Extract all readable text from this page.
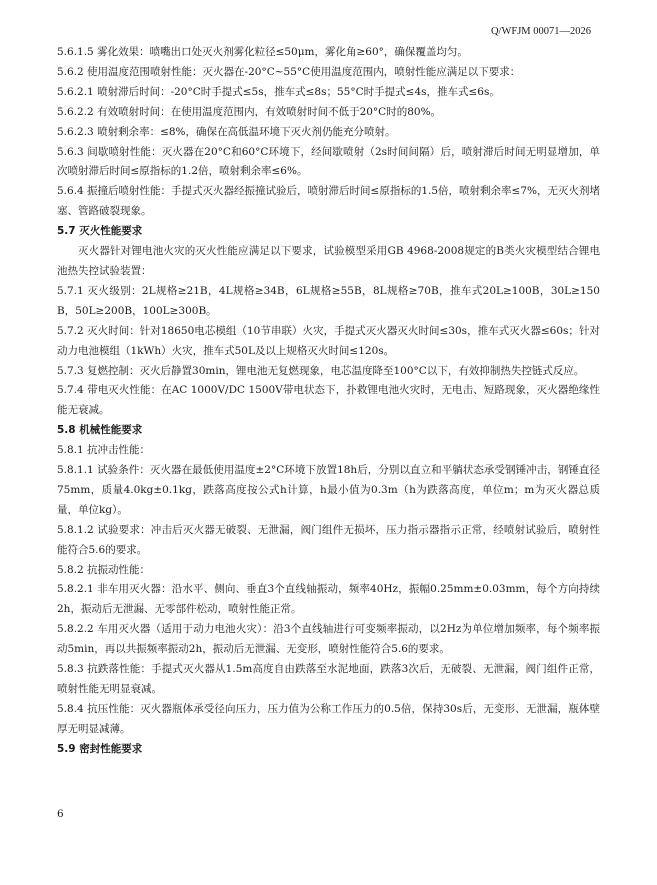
Q/WFJM 00071—2026

5.6.1.5 雾化效果：喷嘴出口处灭火剂雾化粒径≤50μm，雾化角≥60°，确保覆盖均匀。

5.6.2 使用温度范围喷射性能：灭火器在-20°C~55°C使用温度范围内，喷射性能应满足以下要求：

5.6.2.1 喷射滞后时间：-20°C时手提式≤5s，推车式≤8s；55°C时手提式≤4s，推车式≤6s。

5.6.2.2 有效喷射时间：在使用温度范围内，有效喷射时间不低于20°C时的80%。

5.6.2.3 喷射剩余率：≤8%，确保在高低温环境下灭火剂仍能充分喷射。

5.6.3 间歇喷射性能：灭火器在20°C和60°C环境下，经间歇喷射（2s时间间隔）后，喷射滞后时间无明显增加，单次喷射滞后时间≤原指标的1.2倍，喷射剩余率≤6%。

5.6.4 振撞后喷射性能：手提式灭火器经振撞试验后，喷射滞后时间≤原指标的1.5倍，喷射剩余率≤7%，无灭火剂堵塞、管路破裂现象。

5.7 灭火性能要求

灭火器针对锂电池火灾的灭火性能应满足以下要求，试验模型采用GB 4968-2008规定的B类火灾模型结合锂电池热失控试验装置：

5.7.1 灭火级别：2L规格≥21B，4L规格≥34B，6L规格≥55B，8L规格≥70B，推车式20L≥100B，30L≥150B，50L≥200B，100L≥300B。

5.7.2 灭火时间：针对18650电芯模组（10节串联）火灾，手提式灭火器灭火时间≤30s，推车式灭火器≤60s；针对动力电池模组（1kWh）火灾，推车式50L及以上规格灭火时间≤120s。

5.7.3 复燃控制：灭火后静置30min，锂电池无复燃现象，电芯温度降至100°C以下，有效抑制热失控链式反应。

5.7.4 带电灭火性能：在AC 1000V/DC 1500V带电状态下，扑救锂电池火灾时，无电击、短路现象，灭火器绝缘性能无衰减。

5.8 机械性能要求

5.8.1 抗冲击性能：

5.8.1.1 试验条件：灭火器在最低使用温度±2°C环境下放置18h后，分别以直立和平躺状态承受钢锤冲击，钢锤直径75mm，质量4.0kg±0.1kg，跌落高度按公式h计算，h最小值为0.3m（h为跌落高度，单位m；m为灭火器总质量，单位kg）。

5.8.1.2 试验要求：冲击后灭火器无破裂、无泄漏，阀门组件无损坏，压力指示器指示正常，经喷射试验后，喷射性能符合5.6的要求。

5.8.2 抗振动性能：

5.8.2.1 非车用灭火器：沿水平、侧向、垂直3个直线轴振动，频率40Hz，振幅0.25mm±0.03mm，每个方向持续2h，振动后无泄漏、无零部件松动，喷射性能正常。

5.8.2.2 车用灭火器（适用于动力电池火灾）：沿3个直线轴进行可变频率振动，以2Hz为单位增加频率，每个频率振动5min，再以共振频率振动2h，振动后无泄漏、无变形，喷射性能符合5.6的要求。

5.8.3 抗跌落性能：手提式灭火器从1.5m高度自由跌落至水泥地面，跌落3次后，无破裂、无泄漏，阀门组件正常，喷射性能无明显衰减。

5.8.4 抗压性能：灭火器瓶体承受径向压力，压力值为公称工作压力的0.5倍，保持30s后，无变形、无泄漏，瓶体壁厚无明显减薄。

5.9 密封性能要求

6
